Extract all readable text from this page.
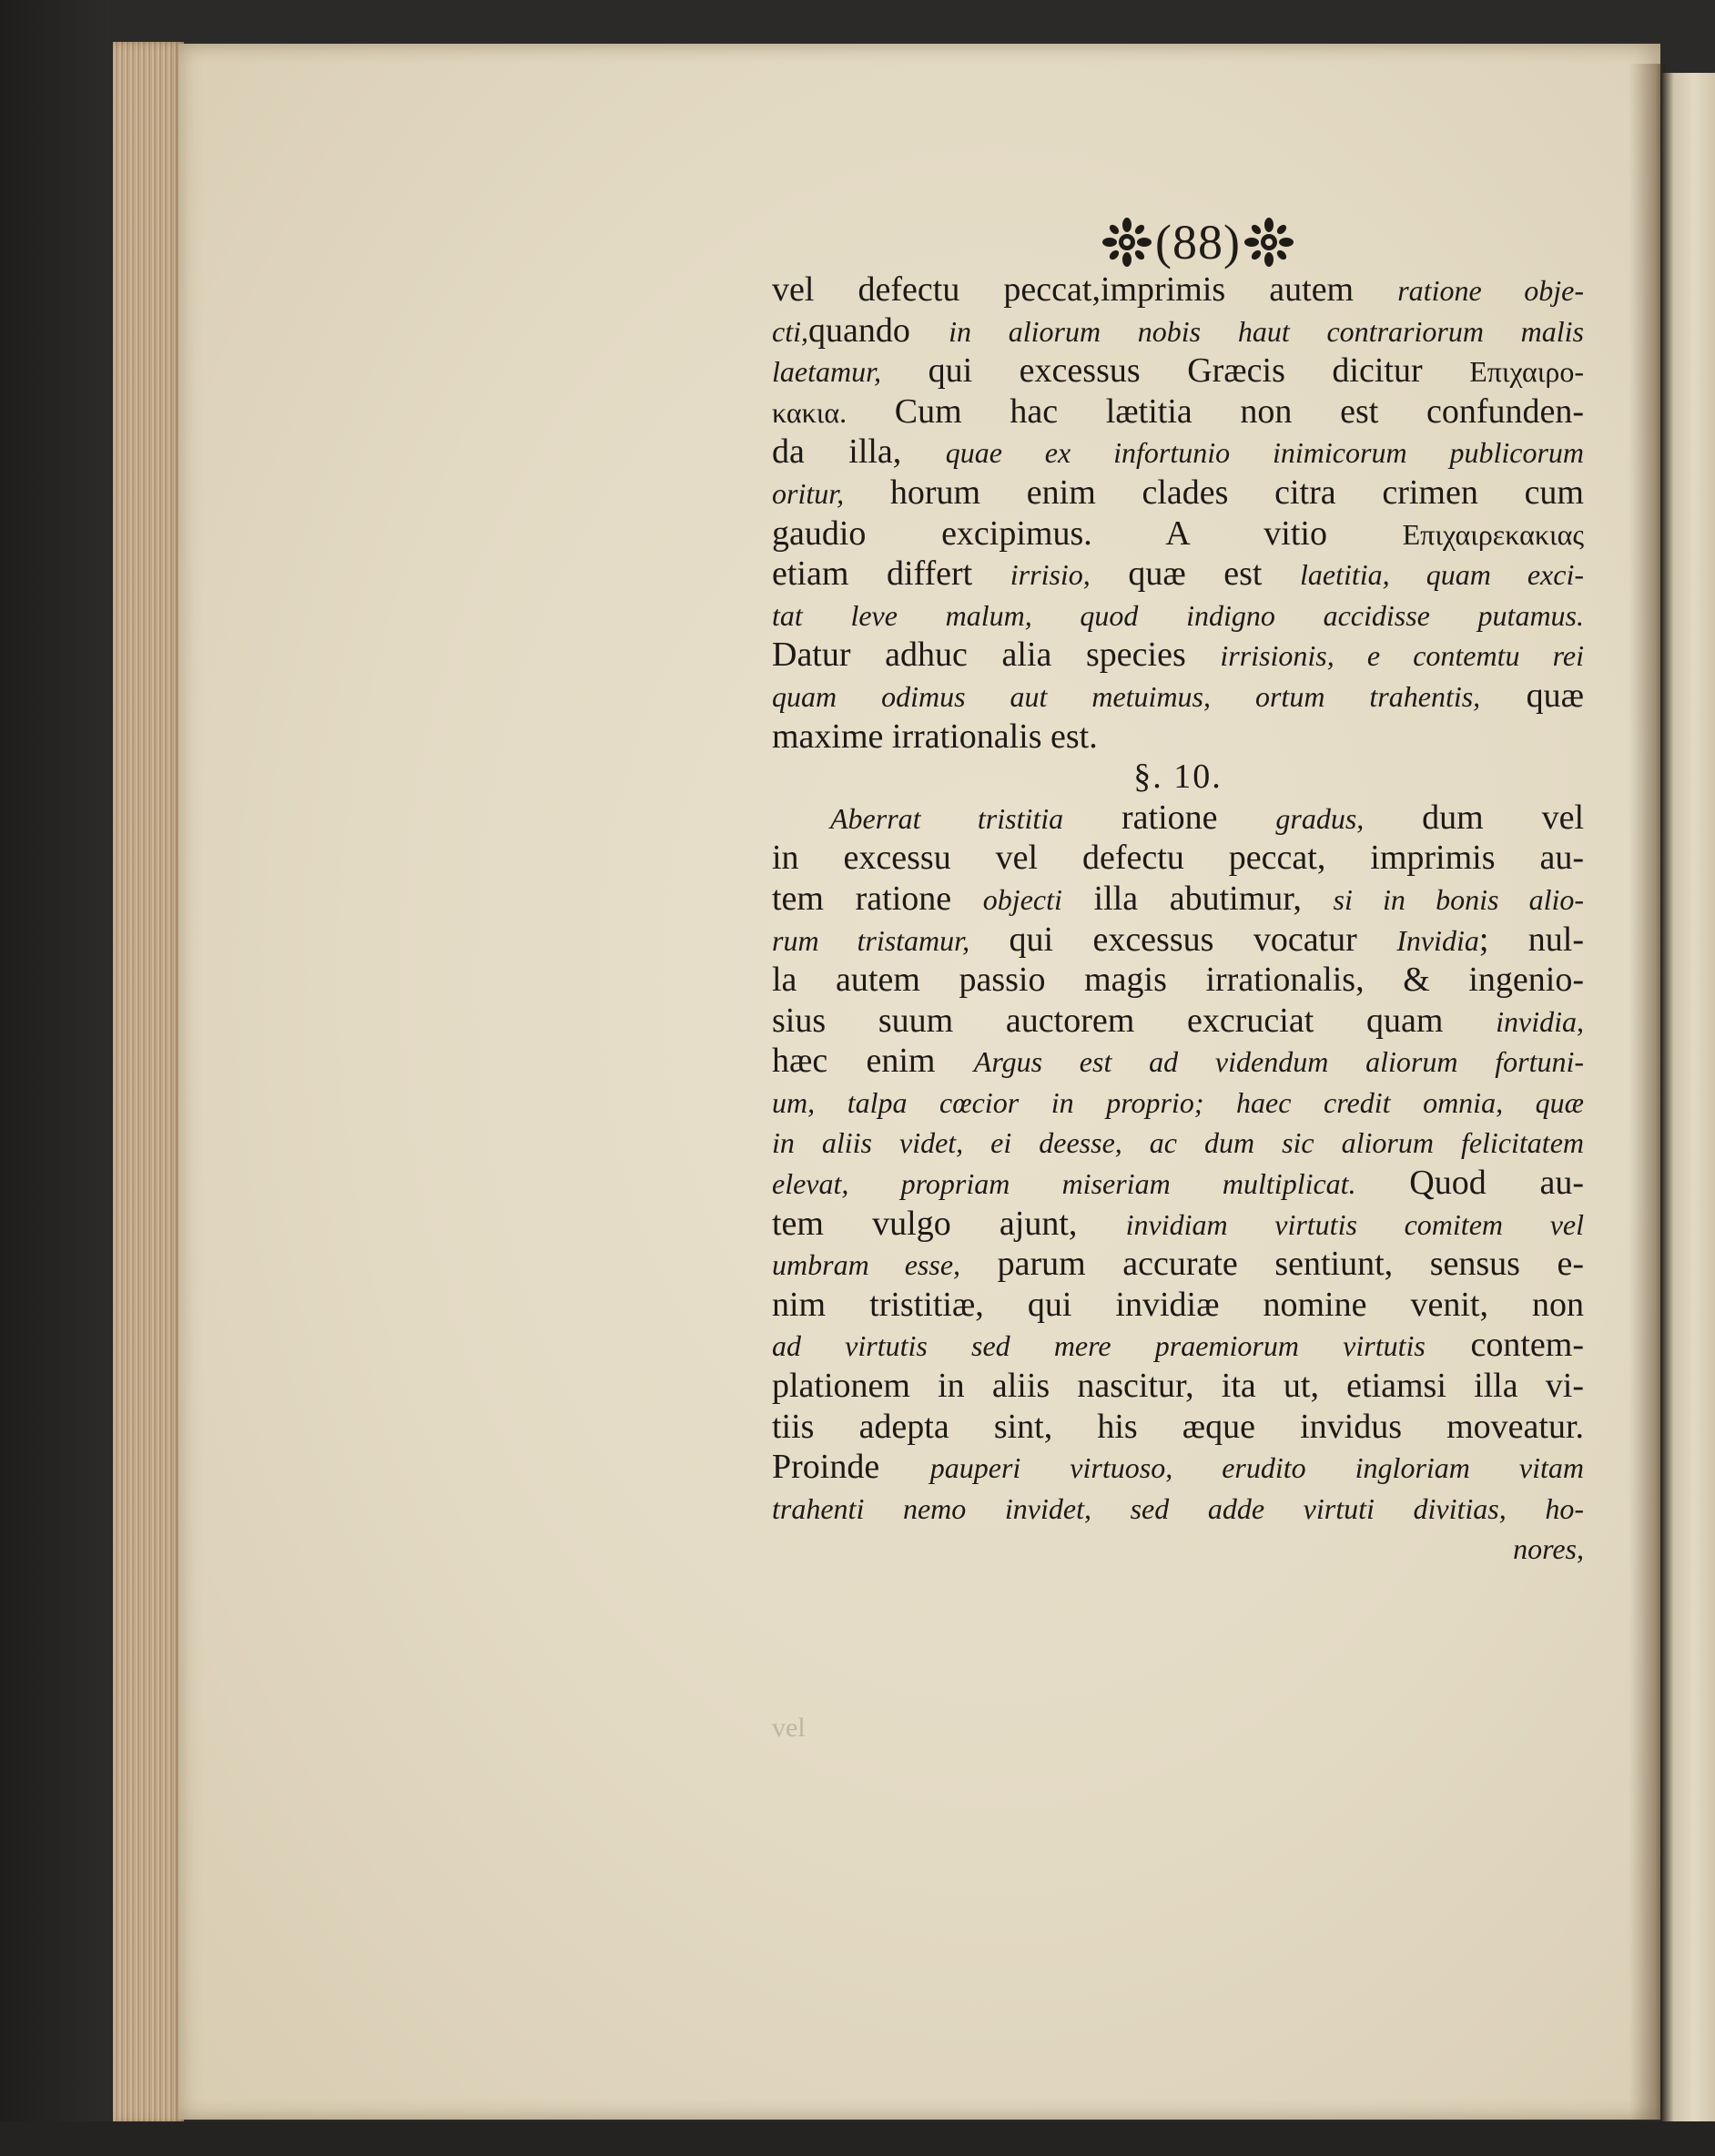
(88)
vel defectu peccat,imprimis autem ratione obje-
cti,quando in aliorum nobis haut contrariorum malis
laetamur, qui excessus Græcis dicitur Επιχαιρο-
κακια. Cum hac lætitia non est confunden-
da illa, quae ex infortunio inimicorum publicorum
oritur, horum enim clades citra crimen cum
gaudio excipimus. A vitio Επιχαιρεκακιας
etiam differt irrisio, quæ est laetitia, quam exci-
tat leve malum, quod indigno accidisse putamus.
Datur adhuc alia species irrisionis, e contemtu rei
quam odimus aut metuimus, ortum trahentis, quæ
maxime irrationalis est.
§. 10.
Aberrat tristitia ratione gradus, dum vel
in excessu vel defectu peccat, imprimis au-
tem ratione objecti illa abutimur, si in bonis alio-
rum tristamur, qui excessus vocatur Invidia; nul-
la autem passio magis irrationalis, & ingenio-
sius suum auctorem excruciat quam invidia,
hæc enim Argus est ad videndum aliorum fortuni-
um, talpa cœcior in proprio; haec credit omnia, quæ
in aliis videt, ei deesse, ac dum sic aliorum felicitatem
elevat, propriam miseriam multiplicat. Quod au-
tem vulgo ajunt, invidiam virtutis comitem vel
umbram esse, parum accurate sentiunt, sensus e-
nim tristitiæ, qui invidiæ nomine venit, non
ad virtutis sed mere praemiorum virtutis contem-
plationem in aliis nascitur, ita ut, etiamsi illa vi-
tiis adepta sint, his æque invidus moveatur.
Proinde pauperi virtuoso, erudito ingloriam vitam
trahenti nemo invidet, sed adde virtuti divitias, ho-
nores,
vel
